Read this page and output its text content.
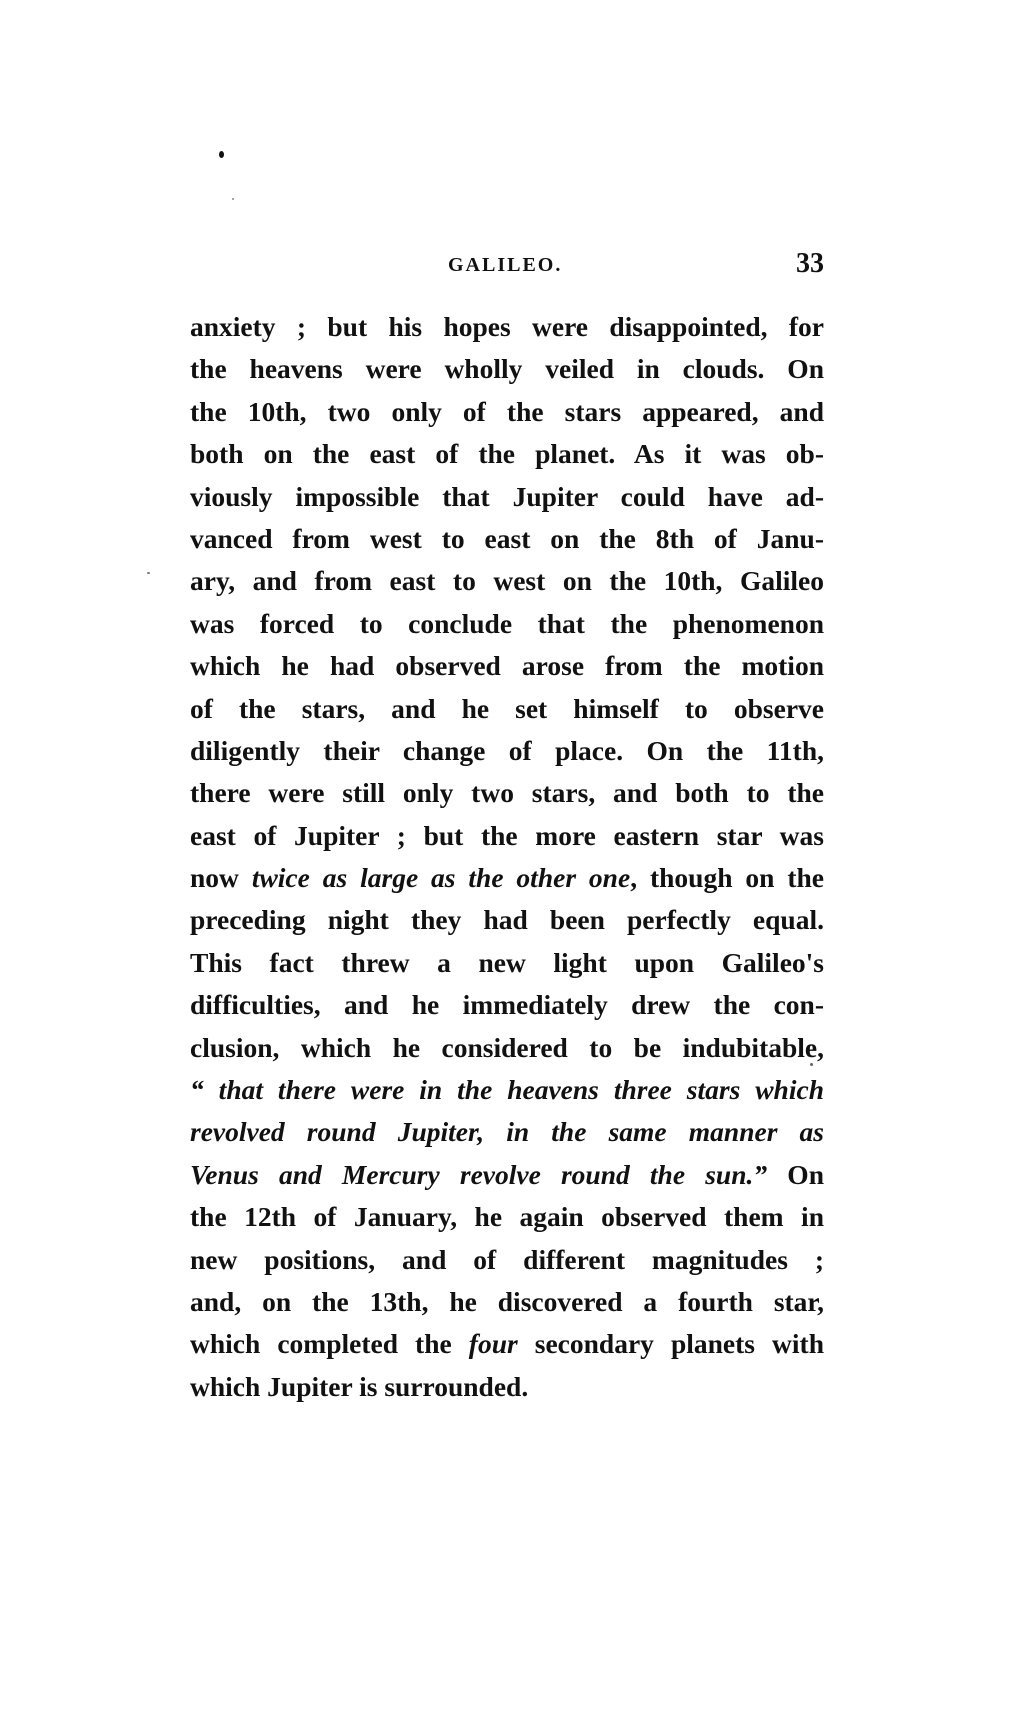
GALILEO.	33
anxiety ; but his hopes were disappointed, for
the heavens were wholly veiled in clouds. On
the 10th, two only of the stars appeared, and
both on the east of the planet. As it was ob-
viously impossible that Jupiter could have ad-
vanced from west to east on the 8th of Janu-
ary, and from east to west on the 10th, Galileo
was forced to conclude that the phenomenon
which he had observed arose from the motion
of the stars, and he set himself to observe
diligently their change of place. On the 11th,
there were still only two stars, and both to the
east of Jupiter ; but the more eastern star was
now twice as large as the other one, though on the
preceding night they had been perfectly equal.
This fact threw a new light upon Galileo's
difficulties, and he immediately drew the con-
clusion, which he considered to be indubitable,
“ that there were in the heavens three stars which
revolved round Jupiter, in the same manner as
Venus and Mercury revolve round the sun.” On
the 12th of January, he again observed them in
new positions, and of different magnitudes ;
and, on the 13th, he discovered a fourth star,
which completed the four secondary planets with
which Jupiter is surrounded.
